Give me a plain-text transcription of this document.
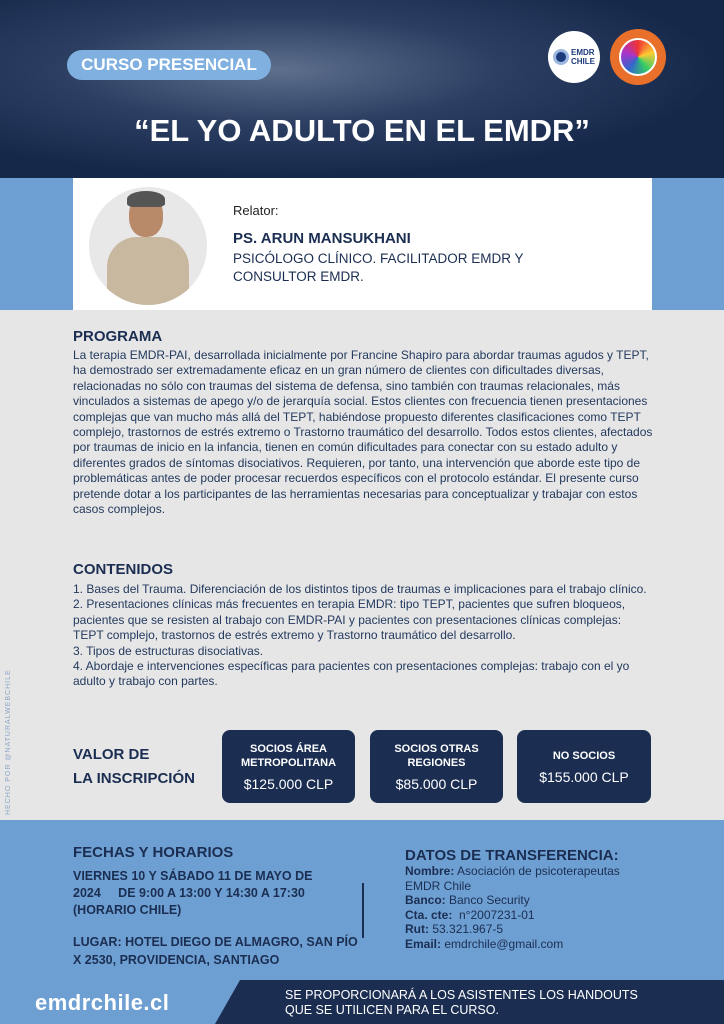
CURSO PRESENCIAL
“EL YO ADULTO EN EL EMDR”
EMDR
CHILE
Relator:
PS. ARUN MANSUKHANI
PSICÓLOGO CLÍNICO. FACILITADOR EMDR Y CONSULTOR EMDR.
PROGRAMA
La terapia EMDR-PAI, desarrollada inicialmente por Francine Shapiro para abordar traumas agudos y TEPT, ha demostrado ser extremadamente eficaz en un gran número de clientes con dificultades diversas, relacionadas no sólo con traumas del sistema de defensa, sino también con traumas relacionales, más vinculados a sistemas de apego y/o de jerarquía social. Estos clientes con frecuencia tienen presentaciones complejas que van mucho más allá del TEPT, habiéndose propuesto diferentes clasificaciones como TEPT complejo, trastornos de estrés extremo o Trastorno traumático del desarrollo. Todos estos clientes, afectados por traumas de inicio en la infancia, tienen en común dificultades para conectar con su estado adulto y diferentes grados de síntomas disociativos. Requieren, por tanto, una intervención que aborde este tipo de problemáticas antes de poder procesar recuerdos específicos con el protocolo estándar. El presente curso pretende dotar a los participantes de las herramientas necesarias para conceptualizar y trabajar con estos casos complejos.
CONTENIDOS
1. Bases del Trauma. Diferenciación de los distintos tipos de traumas e implicaciones para el trabajo clínico.
2. Presentaciones clínicas más frecuentes en terapia EMDR: tipo TEPT, pacientes que sufren bloqueos, pacientes que se resisten al trabajo con EMDR-PAI y pacientes con presentaciones clínicas complejas: TEPT complejo, trastornos de estrés extremo y Trastorno traumático del desarrollo.
3. Tipos de estructuras disociativas.
4. Abordaje e intervenciones específicas para pacientes con presentaciones complejas: trabajo con el yo adulto y trabajo con partes.
HECHO POR @NATURALWEBCHILE	VALOR DE
LA INSCRIPCIÓN
SOCIOS ÁREA METROPOLITANA
$125.000 CLP
SOCIOS OTRAS REGIONES
$85.000 CLP
NO SOCIOS
$155.000 CLP
FECHAS Y HORARIOS
VIERNES 10 Y SÁBADO 11 DE MAYO DE 2024     DE 9:00 A 13:00 Y 14:30 A 17:30 (HORARIO CHILE)
LUGAR: HOTEL DIEGO DE ALMAGRO, SAN PÍO X 2530, PROVIDENCIA, SANTIAGO
DATOS DE TRANSFERENCIA:
Nombre: Asociación de psicoterapeutas EMDR Chile
Banco: Banco Security
Cta. cte:  n°2007231-01
Rut: 53.321.967-5
Email: emdrchile@gmail.com
emdrchile.cl	SE PROPORCIONARÁ A LOS ASISTENTES LOS HANDOUTS QUE SE UTILICEN PARA EL CURSO.
